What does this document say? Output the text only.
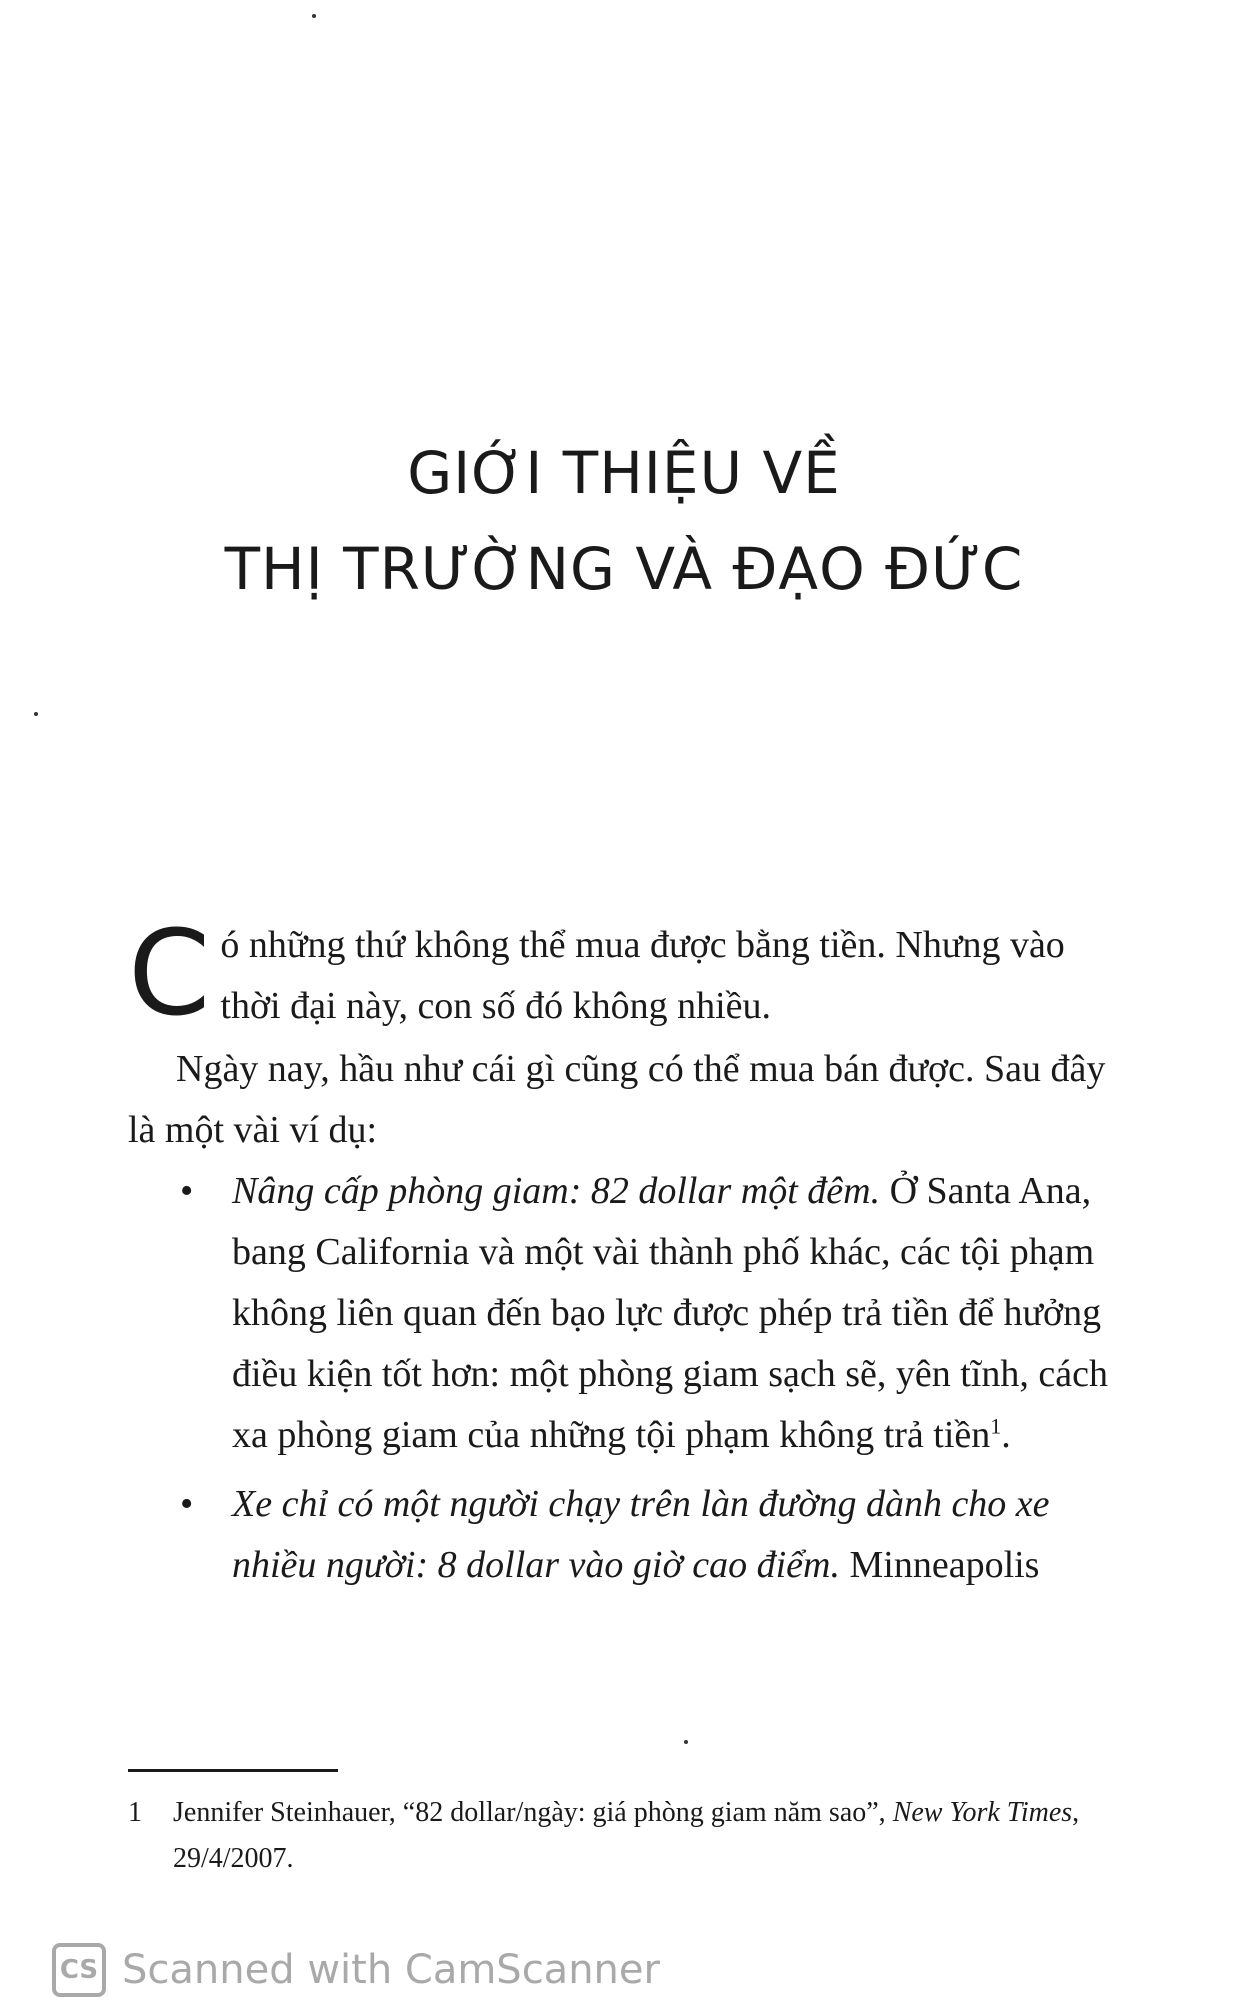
GIỚI THIỆU VỀ
THỊ TRƯỜNG VÀ ĐẠO ĐỨC

Có những thứ không thể mua được bằng tiền. Nhưng vào thời đại này, con số đó không nhiều.

Ngày nay, hầu như cái gì cũng có thể mua bán được. Sau đây là một vài ví dụ:

• Nâng cấp phòng giam: 82 dollar một đêm. Ở Santa Ana, bang California và một vài thành phố khác, các tội phạm không liên quan đến bạo lực được phép trả tiền để hưởng điều kiện tốt hơn: một phòng giam sạch sẽ, yên tĩnh, cách xa phòng giam của những tội phạm không trả tiền$^1$.
• Xe chỉ có một người chạy trên làn đường dành cho xe nhiều người: 8 dollar vào giờ cao điểm. Minneapolis
1	Jennifer Steinhauer, “82 dollar/ngày: giá phòng giam năm sao”, New York Times, 29/4/2007.
CS Scanned with CamScanner
